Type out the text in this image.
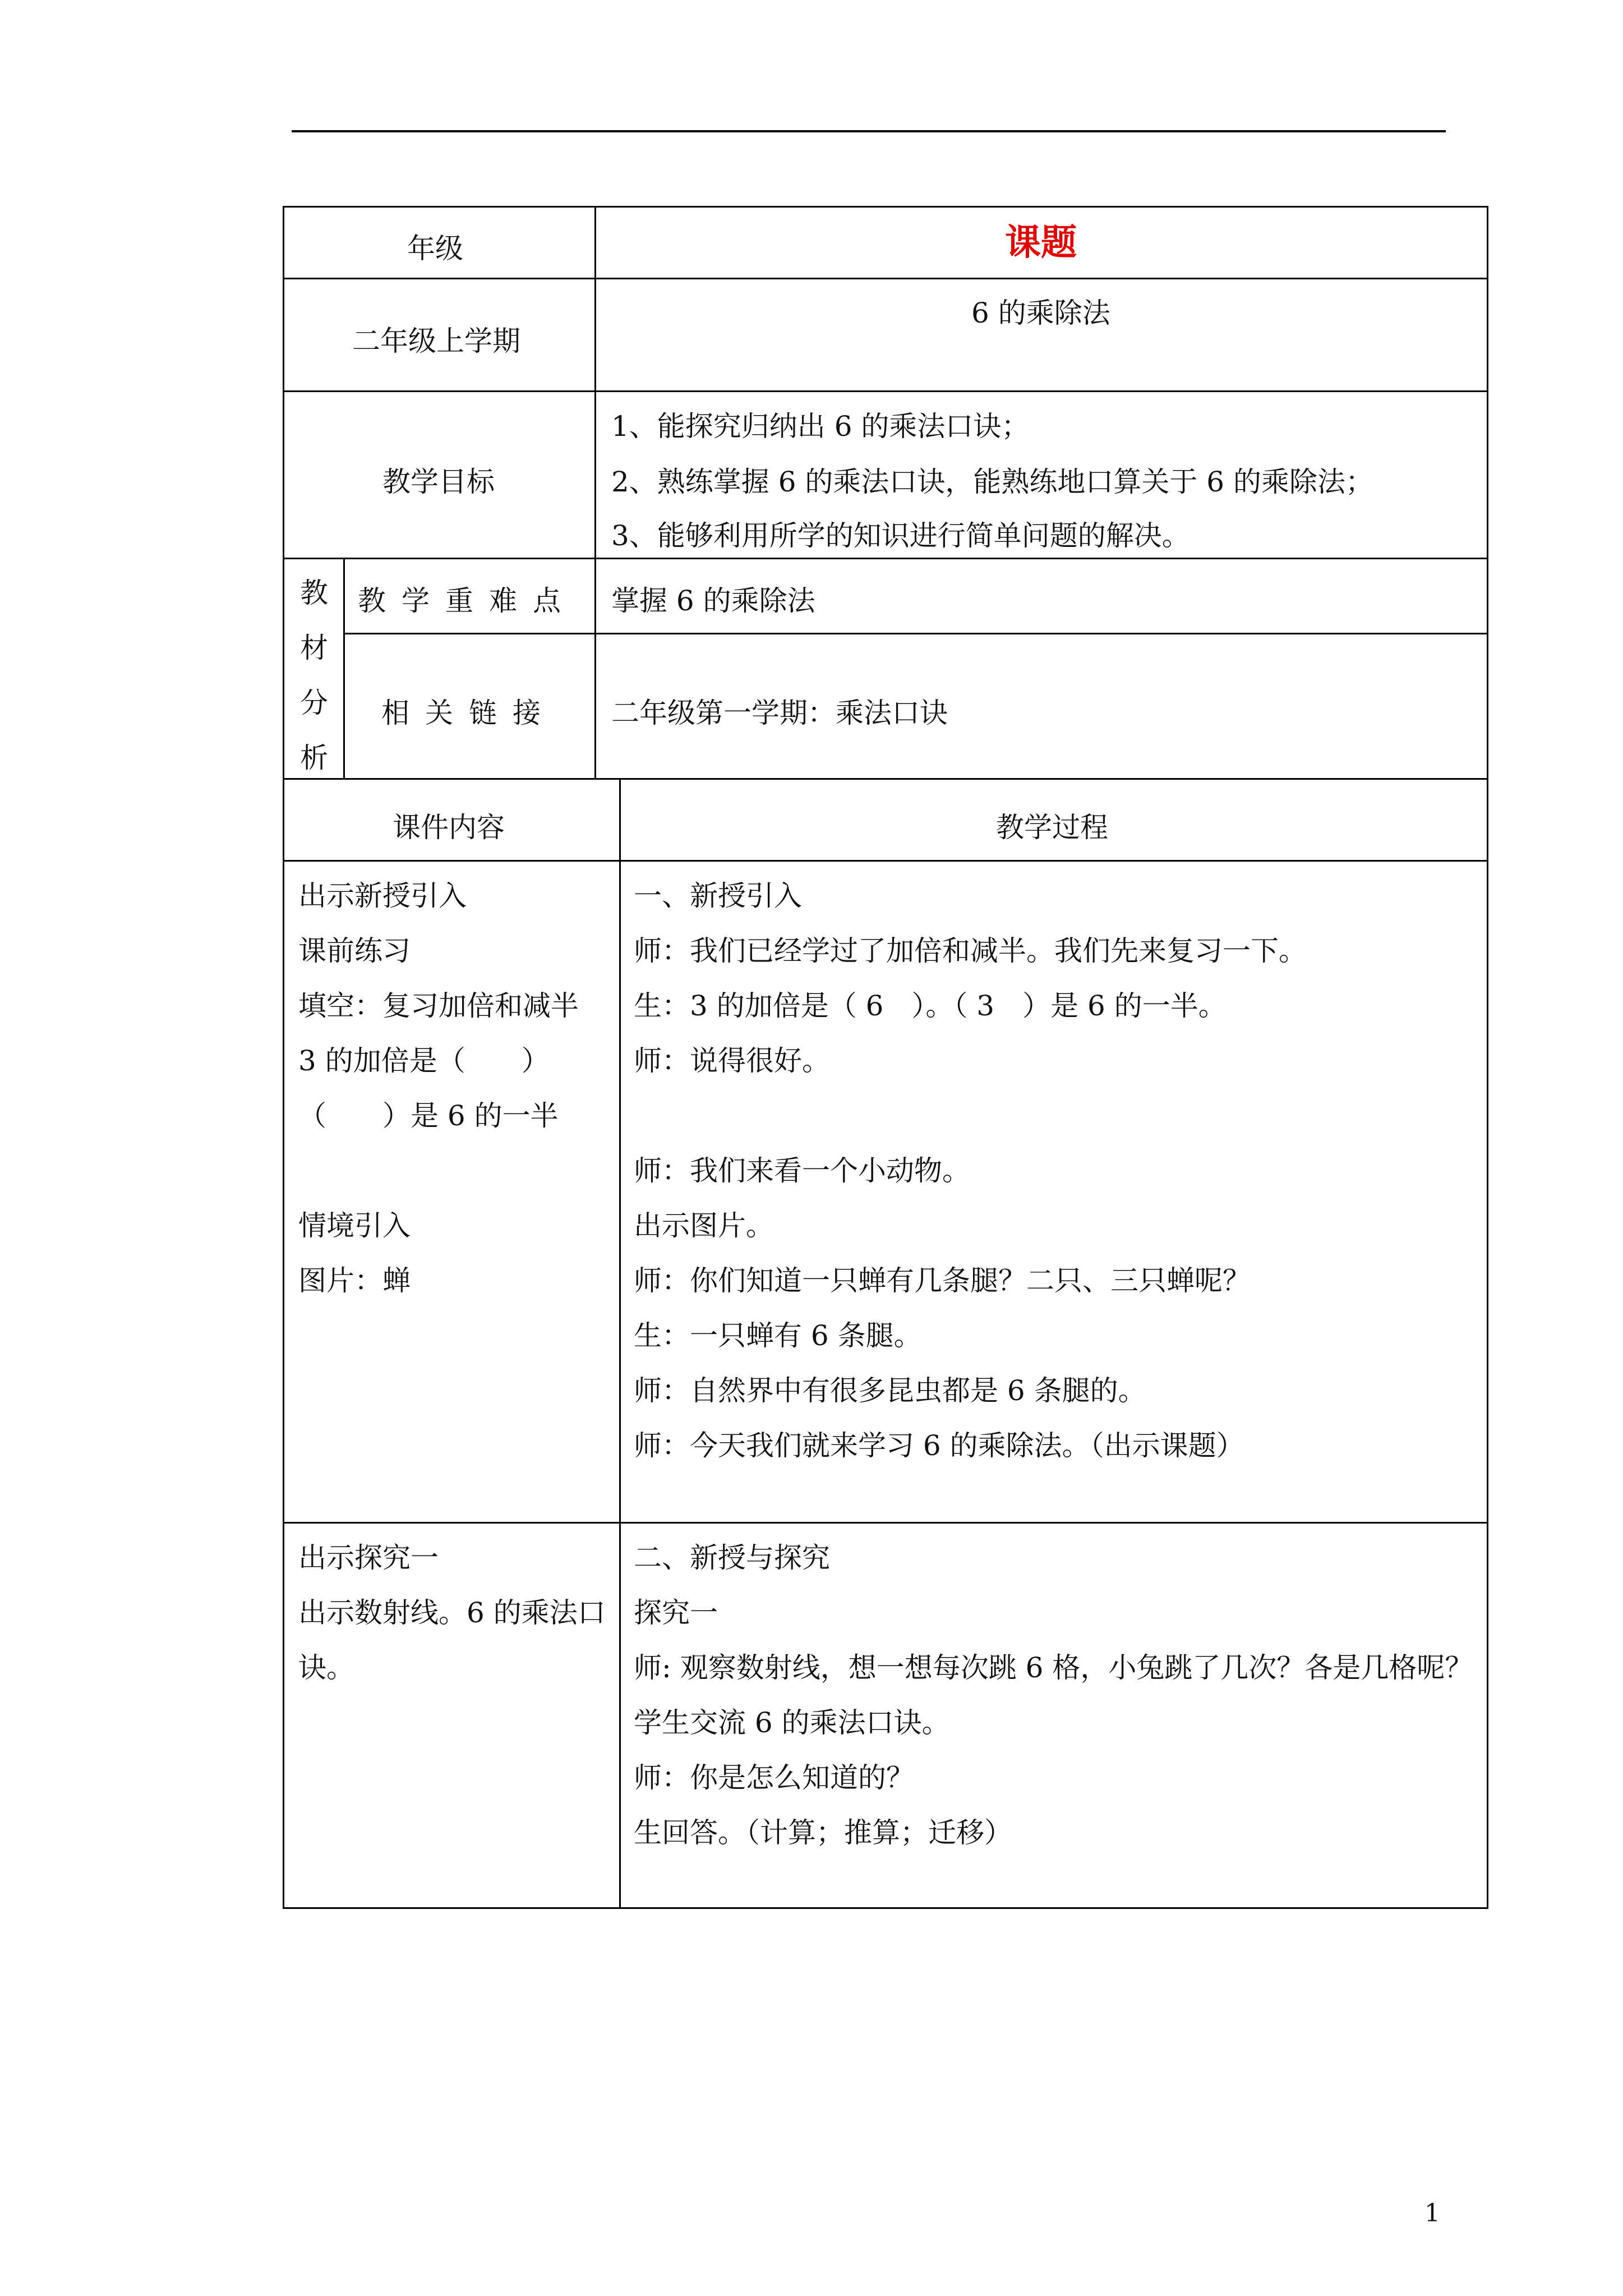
年级	课题
二年级上学期
6 的乘除法
教学目标
1、能探究归纳出 6 的乘法口诀；
2、熟练掌握 6 的乘法口诀，能熟练地口算关于 6 的乘除法；
3、能够利用所学的知识进行简单问题的解决。
教
材
分
析
教学重难点 掌握 6 的乘除法
相关链接 二年级第一学期：乘法口诀
课件内容	教学过程
出示新授引入
课前练习
填空：复习加倍和减半
3 的加倍是（　　）
（　　）是 6 的一半
情境引入
图片：蝉
一、新授引入
师：我们已经学过了加倍和减半。我们先来复习一下。
生：3 的加倍是（ 6　）。（ 3　）是 6 的一半。
师：说得很好。
师：我们来看一个小动物。
出示图片。
师：你们知道一只蝉有几条腿？二只、三只蝉呢？
生：一只蝉有 6 条腿。
师：自然界中有很多昆虫都是 6 条腿的。
师：今天我们就来学习 6 的乘除法。（出示课题）
出示探究一
出示数射线。6 的乘法口
诀。
二、新授与探究
探究一
师: 观察数射线，想一想每次跳 6 格，小兔跳了几次？各是几格呢？
学生交流 6 的乘法口诀。
师：你是怎么知道的？
生回答。（计算；推算；迁移）
1
